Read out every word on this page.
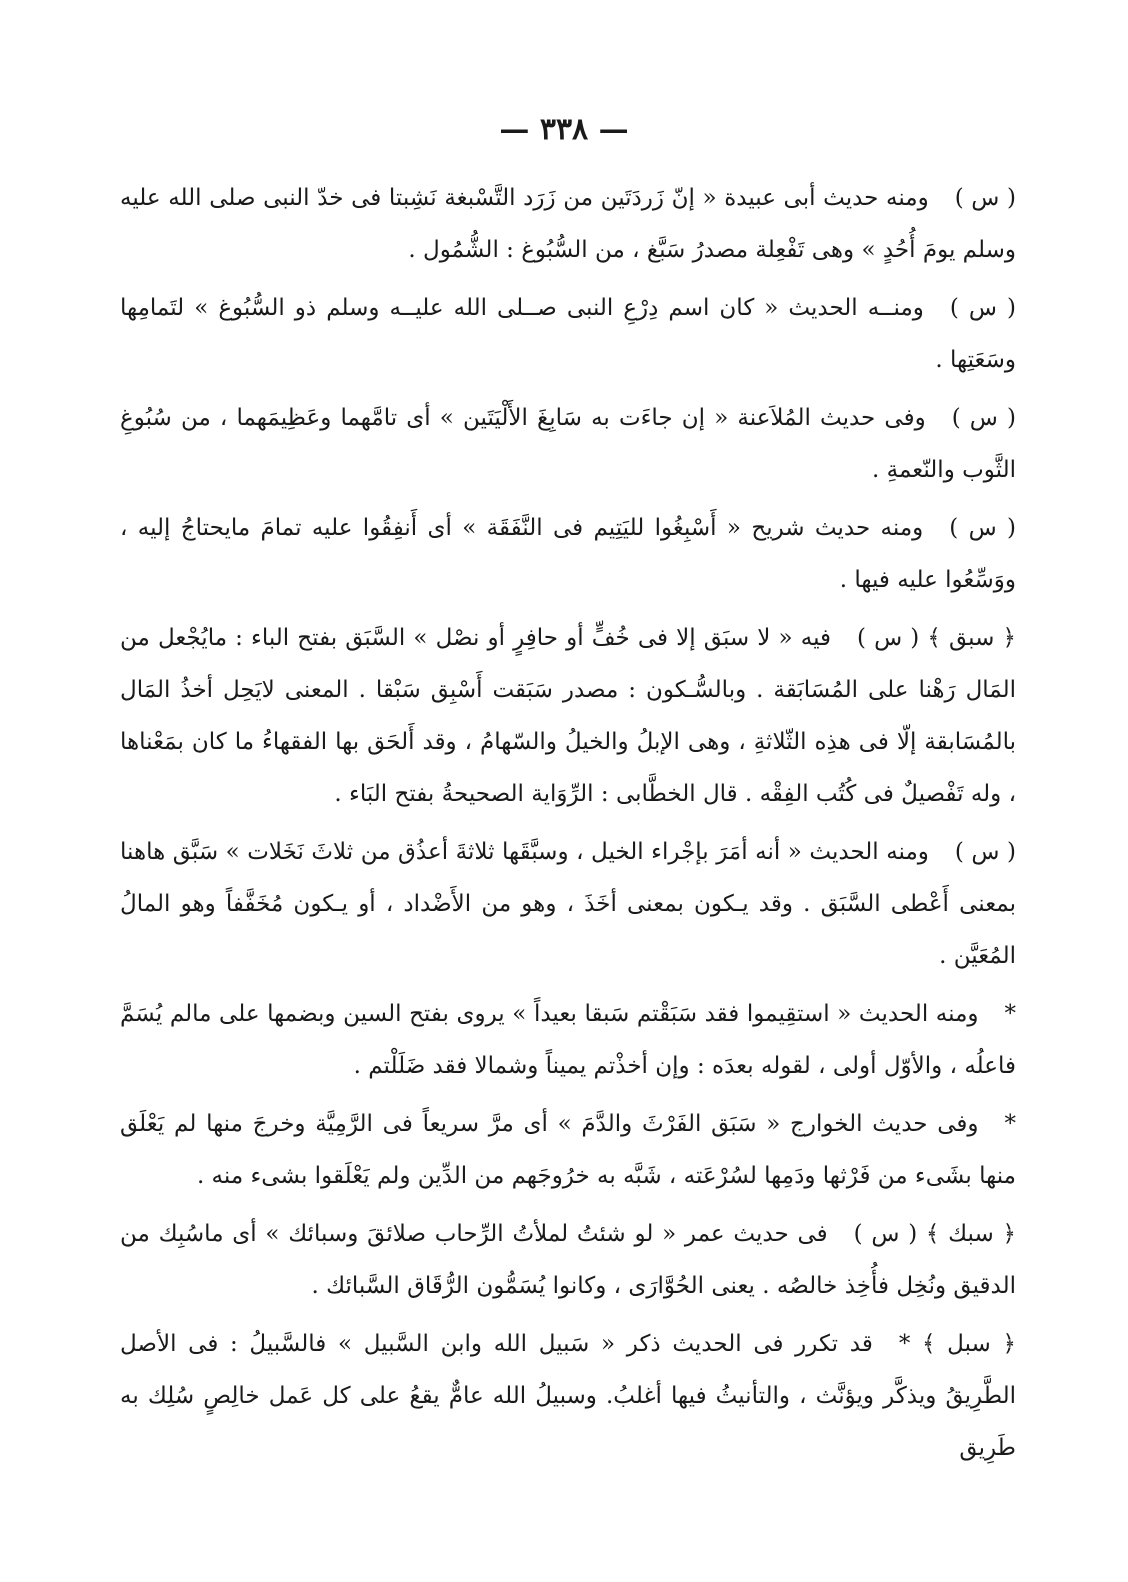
— ٣٣٨ —

( س )ومنه حديث أبى عبيدة « إنّ زَردَتَين من زَرَد التَّسْبغة نَشِبتا فى خدّ النبى صلى الله عليه وسلم يومَ أُحُدٍ » وهى تَفْعِلة مصدرُ سَبَّغ ، من السُّبُوغ : الشُّمُول .

( س )ومنــه الحديث « كان اسم دِرْعِ النبى صــلى الله عليــه وسلم ذو السُّبُوغ » لتَمامِها وسَعَتِها .

( س )وفى حديث المُلاَعنة « إن جاءَت به سَابِغَ الأَلْيَتَين » أى تامَّهما وعَظِيمَهما ، من سُبُوغِ الثَّوب والنّعمةِ .

( س )ومنه حديث شريح « أَسْبِغُوا لليَتِيم فى النَّفَقَة » أى أَنفِقُوا عليه تمامَ مايحتاجُ إليه ، ووَسِّعُوا عليه فيها .

﴿ سبق ﴾ ( س )فيه « لا سبَق إلا فى خُفٍّ أو حافِرٍ أو نصْل » السَّبَق بفتح الباء : مايُجْعل من المَال رَهْنا على المُسَابَقة . وبالسُّـكون : مصدر سَبَقت أَسْبِق سَبْقا . المعنى لايَحِل أخذُ المَال بالمُسَابقة إلّا فى هذِه الثّلاثةِ ، وهى الإبلُ والخيلُ والسّهامُ ، وقد أَلحَق بها الفقهاءُ ما كان بمَعْناها ، وله تَفْصيلٌ فى كُتُب الفِقْه . قال الخطَّابى : الرِّوَاية الصحيحةُ بفتح البَاء .

( س )ومنه الحديث « أنه أمَرَ بإجْراء الخيل ، وسبَّقَها ثلاثةَ أعذُق من ثلاثَ نَخَلات » سَبَّق هاهنا بمعنى أَعْطى السَّبَق . وقد يـكون بمعنى أخَذَ ، وهو من الأَضْداد ، أو يـكون مُخَفَّفاً وهو المالُ المُعَيَّن .

*ومنه الحديث « استقِيموا فقد سَبَقْتم سَبقا بعيداً » يروى بفتح السين وبضمها على مالم يُسَمَّ فاعلُه ، والأوّل أولى ، لقوله بعدَه : وإن أخذْتم يميناً وشمالا فقد ضَلَلْتم .

*وفى حديث الخوارج « سَبَق الفَرْثَ والدَّمَ » أى مرَّ سريعاً فى الرَّمِيَّة وخرجَ منها لم يَعْلَق منها بشَىء من فَرْثها ودَمِها لسُرْعَته ، شَبَّه به خرُوجَهم من الدِّين ولم يَعْلَقوا بشىء منه .

﴿ سبك ﴾ ( س )فى حديث عمر « لو شئتُ لملأتُ الرِّحاب صلائقَ وسبائك » أى ماسُبِك من الدقيق ونُخِل فأُخِذ خالصُه . يعنى الحُوَّارَى ، وكانوا يُسَمُّون الرُّقَاق السَّبائك .

﴿ سبل ﴾ *قد تكرر فى الحديث ذكر « سَبيل الله وابن السَّبيل » فالسَّبيلُ : فى الأصل الطَّرِيقُ ويذكَّر ويؤنَّث ، والتأنيثُ فيها أغلبُ. وسبيلُ الله عامٌّ يقعُ على كل عَمل خالِصٍ سُلِك به طَرِيق
